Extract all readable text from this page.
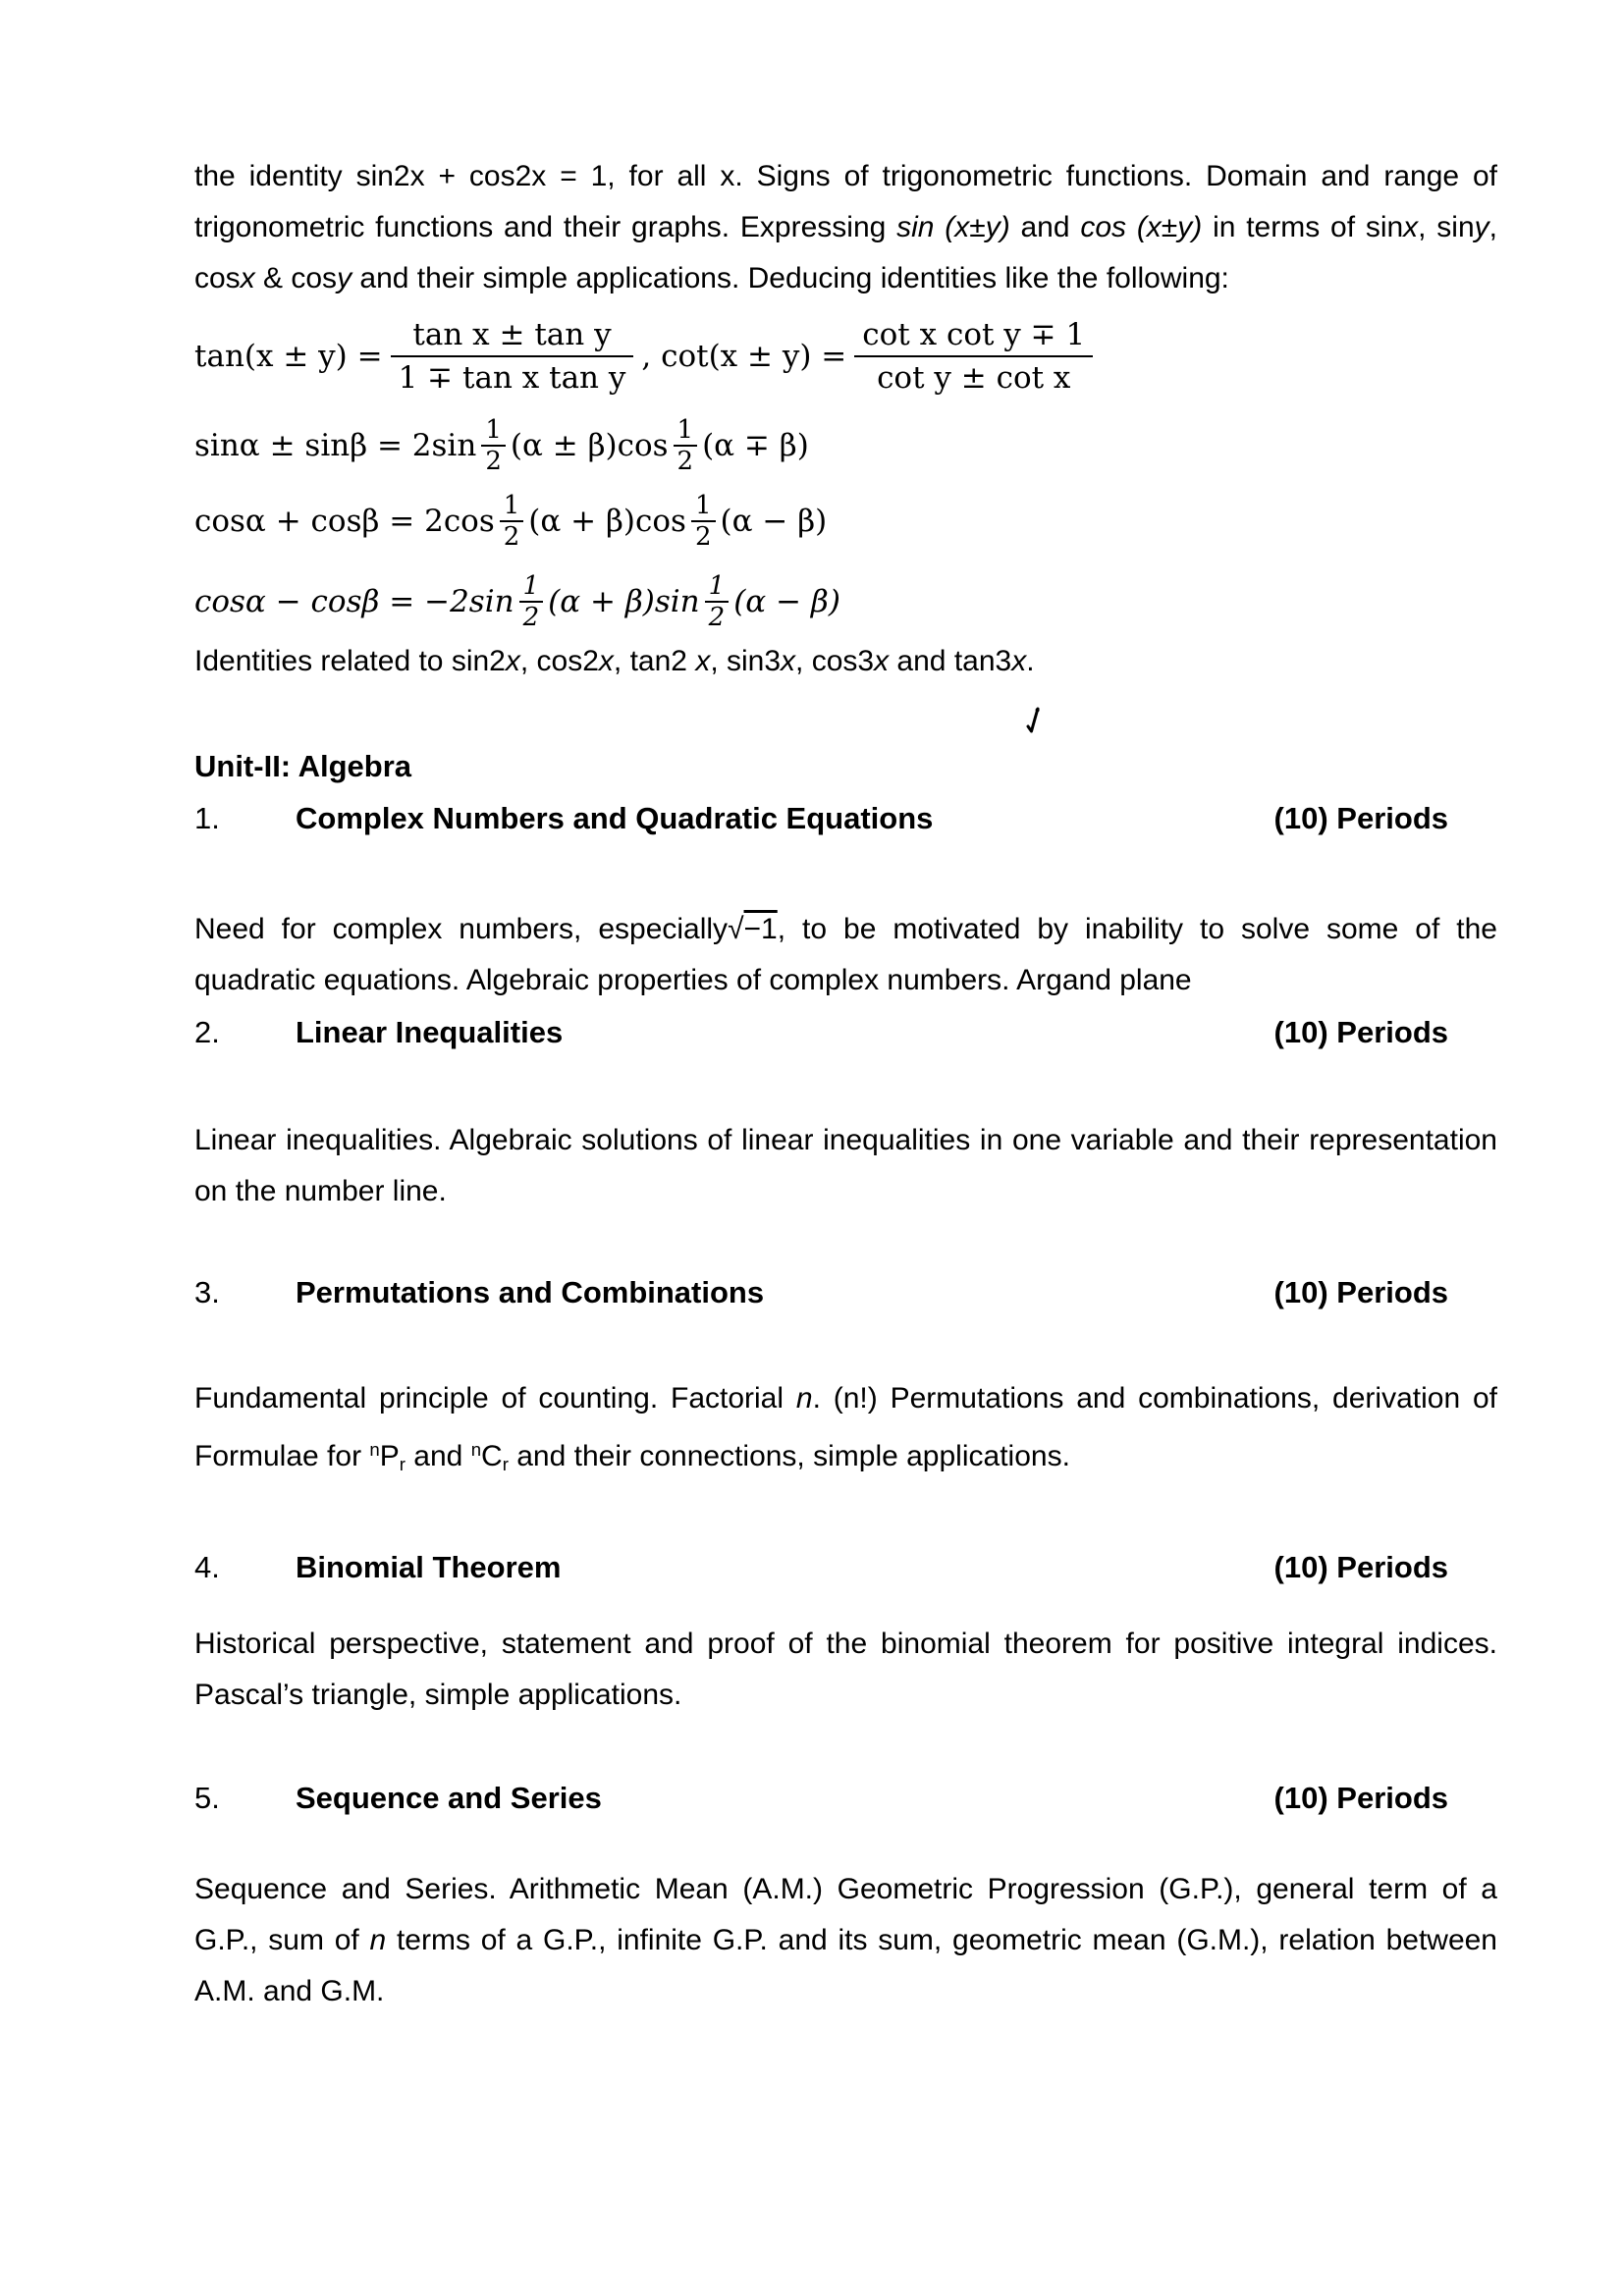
the identity sin2x + cos2x = 1, for all x. Signs of trigonometric functions. Domain and range of
trigonometric functions and their graphs. Expressing sin (x±y) and cos (x±y) in terms of sinx, siny,
cosx & cosy and their simple applications. Deducing identities like the following:
$\tan(x \pm y) = \frac{\text{tan x ± tan y}}{\text{1 ∓ tan x tan y}}$ , $\cot(x \pm y) = \frac{\text{cot x cot y ∓ 1}}{\text{cot y ± cot x}}$
$\sin\alpha \pm \sin\beta = 2\sin \frac{1}{2} (\alpha \pm \beta)\cos \frac{1}{2} (\alpha \mp \beta)$
$\cos\alpha + \cos\beta = 2\cos \frac{1}{2} (\alpha + \beta)\cos \frac{1}{2} (\alpha - \beta)$
$\cos\alpha - \cos\beta = -2\sin \frac{1}{2} (\alpha + \beta)\sin \frac{1}{2} (\alpha - \beta)$
Identities related to sin2x, cos2x, tan2 x, sin3x, cos3x and tan3x.
Unit-II: Algebra
1.	Complex Numbers and Quadratic Equations	(10) Periods
Need for complex numbers, especially√−1, to be motivated by inability to solve some of the
quadratic equations. Algebraic properties of complex numbers. Argand plane
2.	Linear Inequalities	(10) Periods
Linear inequalities. Algebraic solutions of linear inequalities in one variable and their representation
on the number line.
3.	Permutations and Combinations	(10) Periods
Fundamental principle of counting. Factorial n. (n!) Permutations and combinations, derivation of
Formulae for $^nP_r$ and $^nC_r$ and their connections, simple applications.
4.	Binomial Theorem	(10) Periods
Historical perspective, statement and proof of the binomial theorem for positive integral indices.
Pascal’s triangle, simple applications.
5.	Sequence and Series	(10) Periods
Sequence and Series. Arithmetic Mean (A.M.) Geometric Progression (G.P.), general term of a
G.P., sum of n terms of a G.P., infinite G.P. and its sum, geometric mean (G.M.), relation between
A.M. and G.M.
